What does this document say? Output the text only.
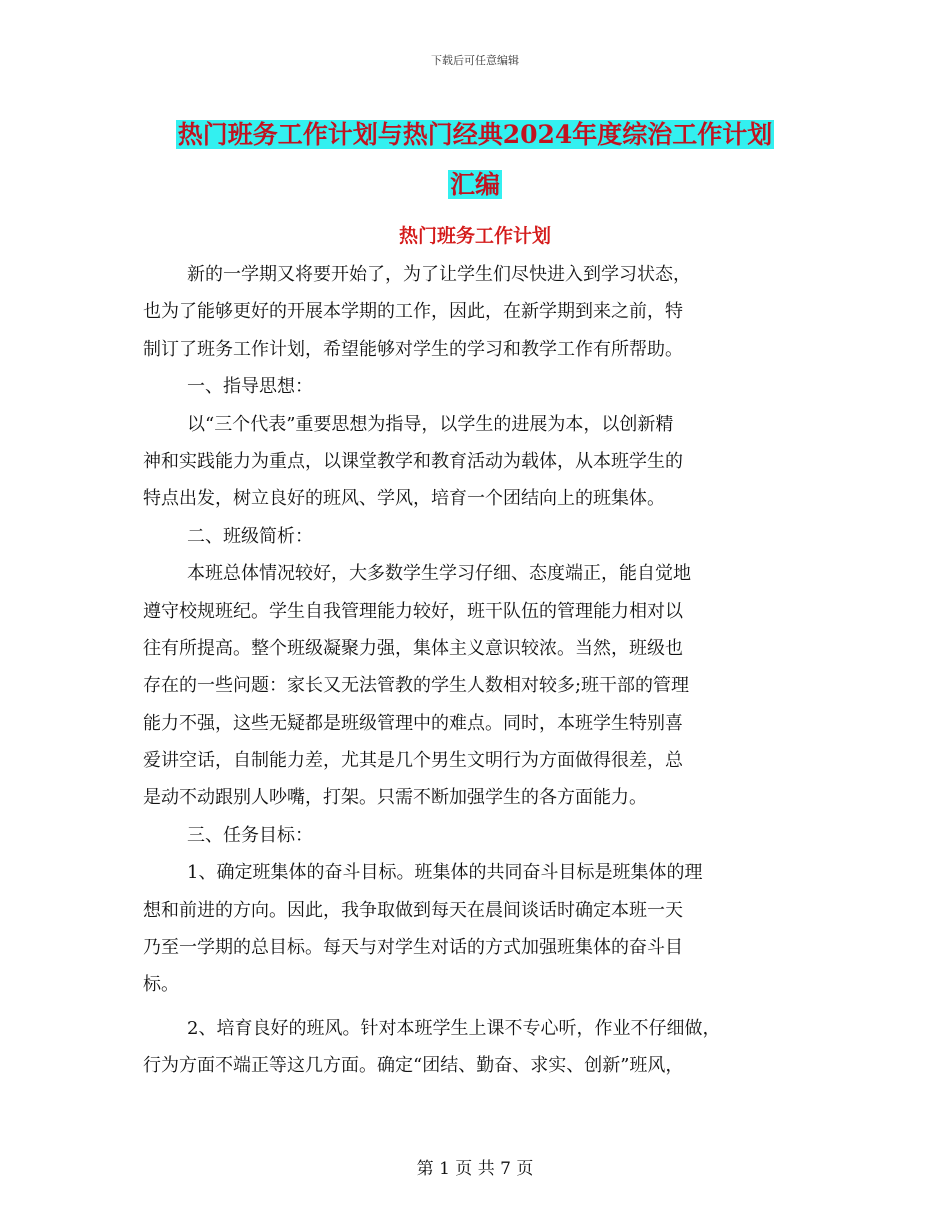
下载后可任意编辑
热门班务工作计划与热门经典2024年度综治工作计划
汇编
热门班务工作计划
新的一学期又将要开始了，为了让学生们尽快进入到学习状态，
也为了能够更好的开展本学期的工作，因此，在新学期到来之前，特
制订了班务工作计划，希望能够对学生的学习和教学工作有所帮助。
一、指导思想：
以“三个代表”重要思想为指导，以学生的进展为本，以创新精
神和实践能力为重点，以课堂教学和教育活动为载体，从本班学生的
特点出发，树立良好的班风、学风，培育一个团结向上的班集体。
二、班级简析：
本班总体情况较好，大多数学生学习仔细、态度端正，能自觉地
遵守校规班纪。学生自我管理能力较好，班干队伍的管理能力相对以
往有所提高。整个班级凝聚力强，集体主义意识较浓。当然，班级也
存在的一些问题：家长又无法管教的学生人数相对较多;班干部的管理
能力不强，这些无疑都是班级管理中的难点。同时，本班学生特别喜
爱讲空话，自制能力差，尤其是几个男生文明行为方面做得很差，总
是动不动跟别人吵嘴，打架。只需不断加强学生的各方面能力。
三、任务目标：
1、确定班集体的奋斗目标。班集体的共同奋斗目标是班集体的理
想和前进的方向。因此，我争取做到每天在晨间谈话时确定本班一天
乃至一学期的总目标。每天与对学生对话的方式加强班集体的奋斗目
标。
2、培育良好的班风。针对本班学生上课不专心听，作业不仔细做，
行为方面不端正等这几方面。确定“团结、勤奋、求实、创新”班风，
第 1 页 共 7 页
